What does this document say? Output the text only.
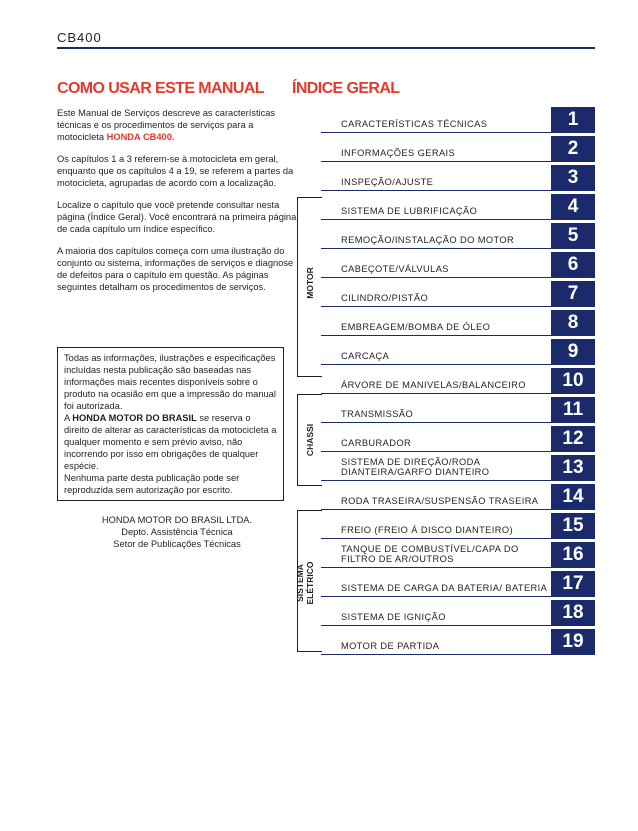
CB400
COMO USAR ESTE MANUAL ÍNDICE GERAL

Este Manual de Serviços descreve as características técnicas e os procedimentos de serviços para a motocicleta HONDA CB400.

Os capítulos 1 a 3 referem-se à motocicleta em geral, enquanto que os capítulos 4 a 19, se referem a partes da motocicleta, agrupadas de acordo com a localização.

Localize o capítulo que você pretende consultar nesta página (Índice Geral). Você encontrará na primeira página de cada capítulo um índice específico.

A maioria dos capítulos começa com uma ilustração do conjunto ou sistema, informações de serviços e diagnose de defeitos para o capítulo em questão. As páginas seguintes detalham os procedimentos de serviços.

Todas as informações, ilustrações e especificações incluídas nesta publicação são baseadas nas informações mais recentes disponíveis sobre o produto na ocasião em que a impressão do manual foi autorizada.
A HONDA MOTOR DO BRASIL se reserva o direito de alterar as características da motocicleta a qualquer momento e sem prévio aviso, não incorrendo por isso em obrigações de qualquer espécie.
Nenhuma parte desta publicação pode ser reproduzida sem autorização por escrito.
HONDA MOTOR DO BRASIL LTDA.
Depto. Assistência Técnica
Setor de Publicações Técnicas
MOTOR
CHASSI
SISTEMA ELÉTRICO
CARACTERÍSTICAS TÉCNICAS	1
INFORMAÇÕES GERAIS	2
INSPEÇÃO/AJUSTE	3
SISTEMA DE LUBRIFICAÇÃO	4
REMOÇÃO/INSTALAÇÃO DO MOTOR	5
CABEÇOTE/VÁLVULAS	6
CILINDRO/PISTÃO	7
EMBREAGEM/BOMBA DE ÓLEO	8
CARCAÇA	9
ÁRVORE DE MANIVELAS/BALANCEIRO	10
TRANSMISSÃO	11
CARBURADOR	12
SISTEMA DE DIREÇÃO/RODA DIANTEIRA/GARFO DIANTEIRO	13
RODA TRASEIRA/SUSPENSÃO TRASEIRA	14
FREIO (FREIO Á DISCO DIANTEIRO)	15
TANQUE DE COMBUSTÍVEL/CAPA DO FILTRO DE AR/OUTROS	16
SISTEMA DE CARGA DA BATERIA/ BATERIA 17
SISTEMA DE IGNIÇÃO	18
MOTOR DE PARTIDA	19
